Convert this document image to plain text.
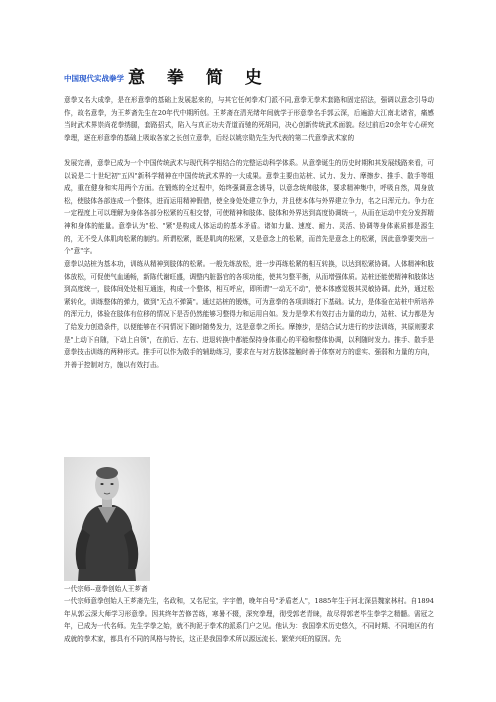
中国现代实战拳学 意 拳 简 史

意拳又名大成拳，是在形意拳的基础上发展起来的，与其它任何拳术门派不同,意拳无拳术套路和固定招法，强调以意念引导动作，故名意拳，为王芗斋先生在20年代中期所创。王芗斋在清光绪年间就学于形意拳名手郭云深，后遍游大江南北诸省，痛感当时武术界崇尚花拳绣腿，套路招式，陷入与真正功夫背道而驰的死胡同，决心创新传统武术面貌。经过前后20余年专心研究拳理，逐在形意拳的基础上吸取各家之长创立意拳，后经以姚宗勋先生为代表的第二代意拳武术家的

发展完善，意拳已成为一个中国传统武术与现代科学相结合的完整运动科学体系。从意拳诞生的历史时期和其发展线路来看，可以说是二十世纪初"五四"新科学精神在中国传统武术界的一大成果。意拳主要由站桩、试力、发力、摩擦步、推手、散手等组成，重在健身和实用两个方面。在锻炼的全过程中，始终强调意念诱导，以意念统帅肢体，要求精神集中，呼吸自然，周身放松，使肢体各部连成一个整体，进而运用精神假借，使全身处处建立争力，并且使本体与外界建立争力，名之曰浑元力。争力在一定程度上可以理解为身体各部分松紧的互相交替，可使精神和肢体、肢体和外界达到高度协调统一，从而在运动中充分发挥精神和身体的能量。意拳认为"松、"紧"是构成人体运动的基本矛盾。诸如力量、速度、耐力、灵活、协调等身体素质都是源生的，无不受人体肌肉松紧的制约。所谓松紧，既是肌肉的松紧，又是意念上的松紧，而首先是意念上的松紧，因此意拳要突出一个"意"字。

意拳以站桩为基本功，训练从精神到肢体的松紧。一般先练放松，进一步再练松紧的相互转换，以达到松紧协调。人体精神和肢体放松，可促使气血通畅，新陈代谢旺盛，调整内脏器官的各项功能，使其匀整平衡，从而增强体质。站桩还能使精神和肢体达到高度统一，肢体间处处相互通连，构成一个整体，相互呼应，即所谓"一动无不动"，使本体感觉极其灵敏协调。此外，通过松紧转化，训练整体的弹力，做到"无点不弹簧"。通过站桩的锻炼，可为意拳的各项训练打下基础。试力，是体验在站桩中所培养的浑元力，体验在肢体有位移的情况下是否仍然能够习整得力和运用自如。发力是拳术有效打击力量的动力，站桩、试力都是为了给发力创造条件，以便能够在不同情况下随时随势发力，这是意拳之所长。摩擦步，是结合试力进行的步法训练，其原则要求是"上动下自随，下动上自领"，在前后、左右、进退转换中都能保持身体重心的平稳和整体协调，以利随时发力。推手、散手是意拳技击训练的两种形式。推手可以作为散手的辅助练习，要求在与对方肢体接触时善于体察对方的虚实、强弱和力量的方向，并善于控制对方，施以有效打击。

一代宗师--意拳创始人王芗斋

一代宗师意拳创始人王芗斋先生，名政和，又名尼宝，字宇僧，晚年自号"矛盾老人"，1885年生于河北深县魏家林村。自1894年从郭云深大师学习形意拳。因其终年苦修苦练，寒暑不辍，深究拳理，彻受郭老青睐，故尽得郭老毕生拳学之精髓。需冠之年，已成为一代名师。先生学拳之始，就不拘泥于拳术的派系门户之见。他认为：我国拳术历史悠久，不同时期、不同地区的有成就的拳术家，都具有不同的风格与特长，这正是我国拳术所以源远流长、繁荣兴旺的原因。先
